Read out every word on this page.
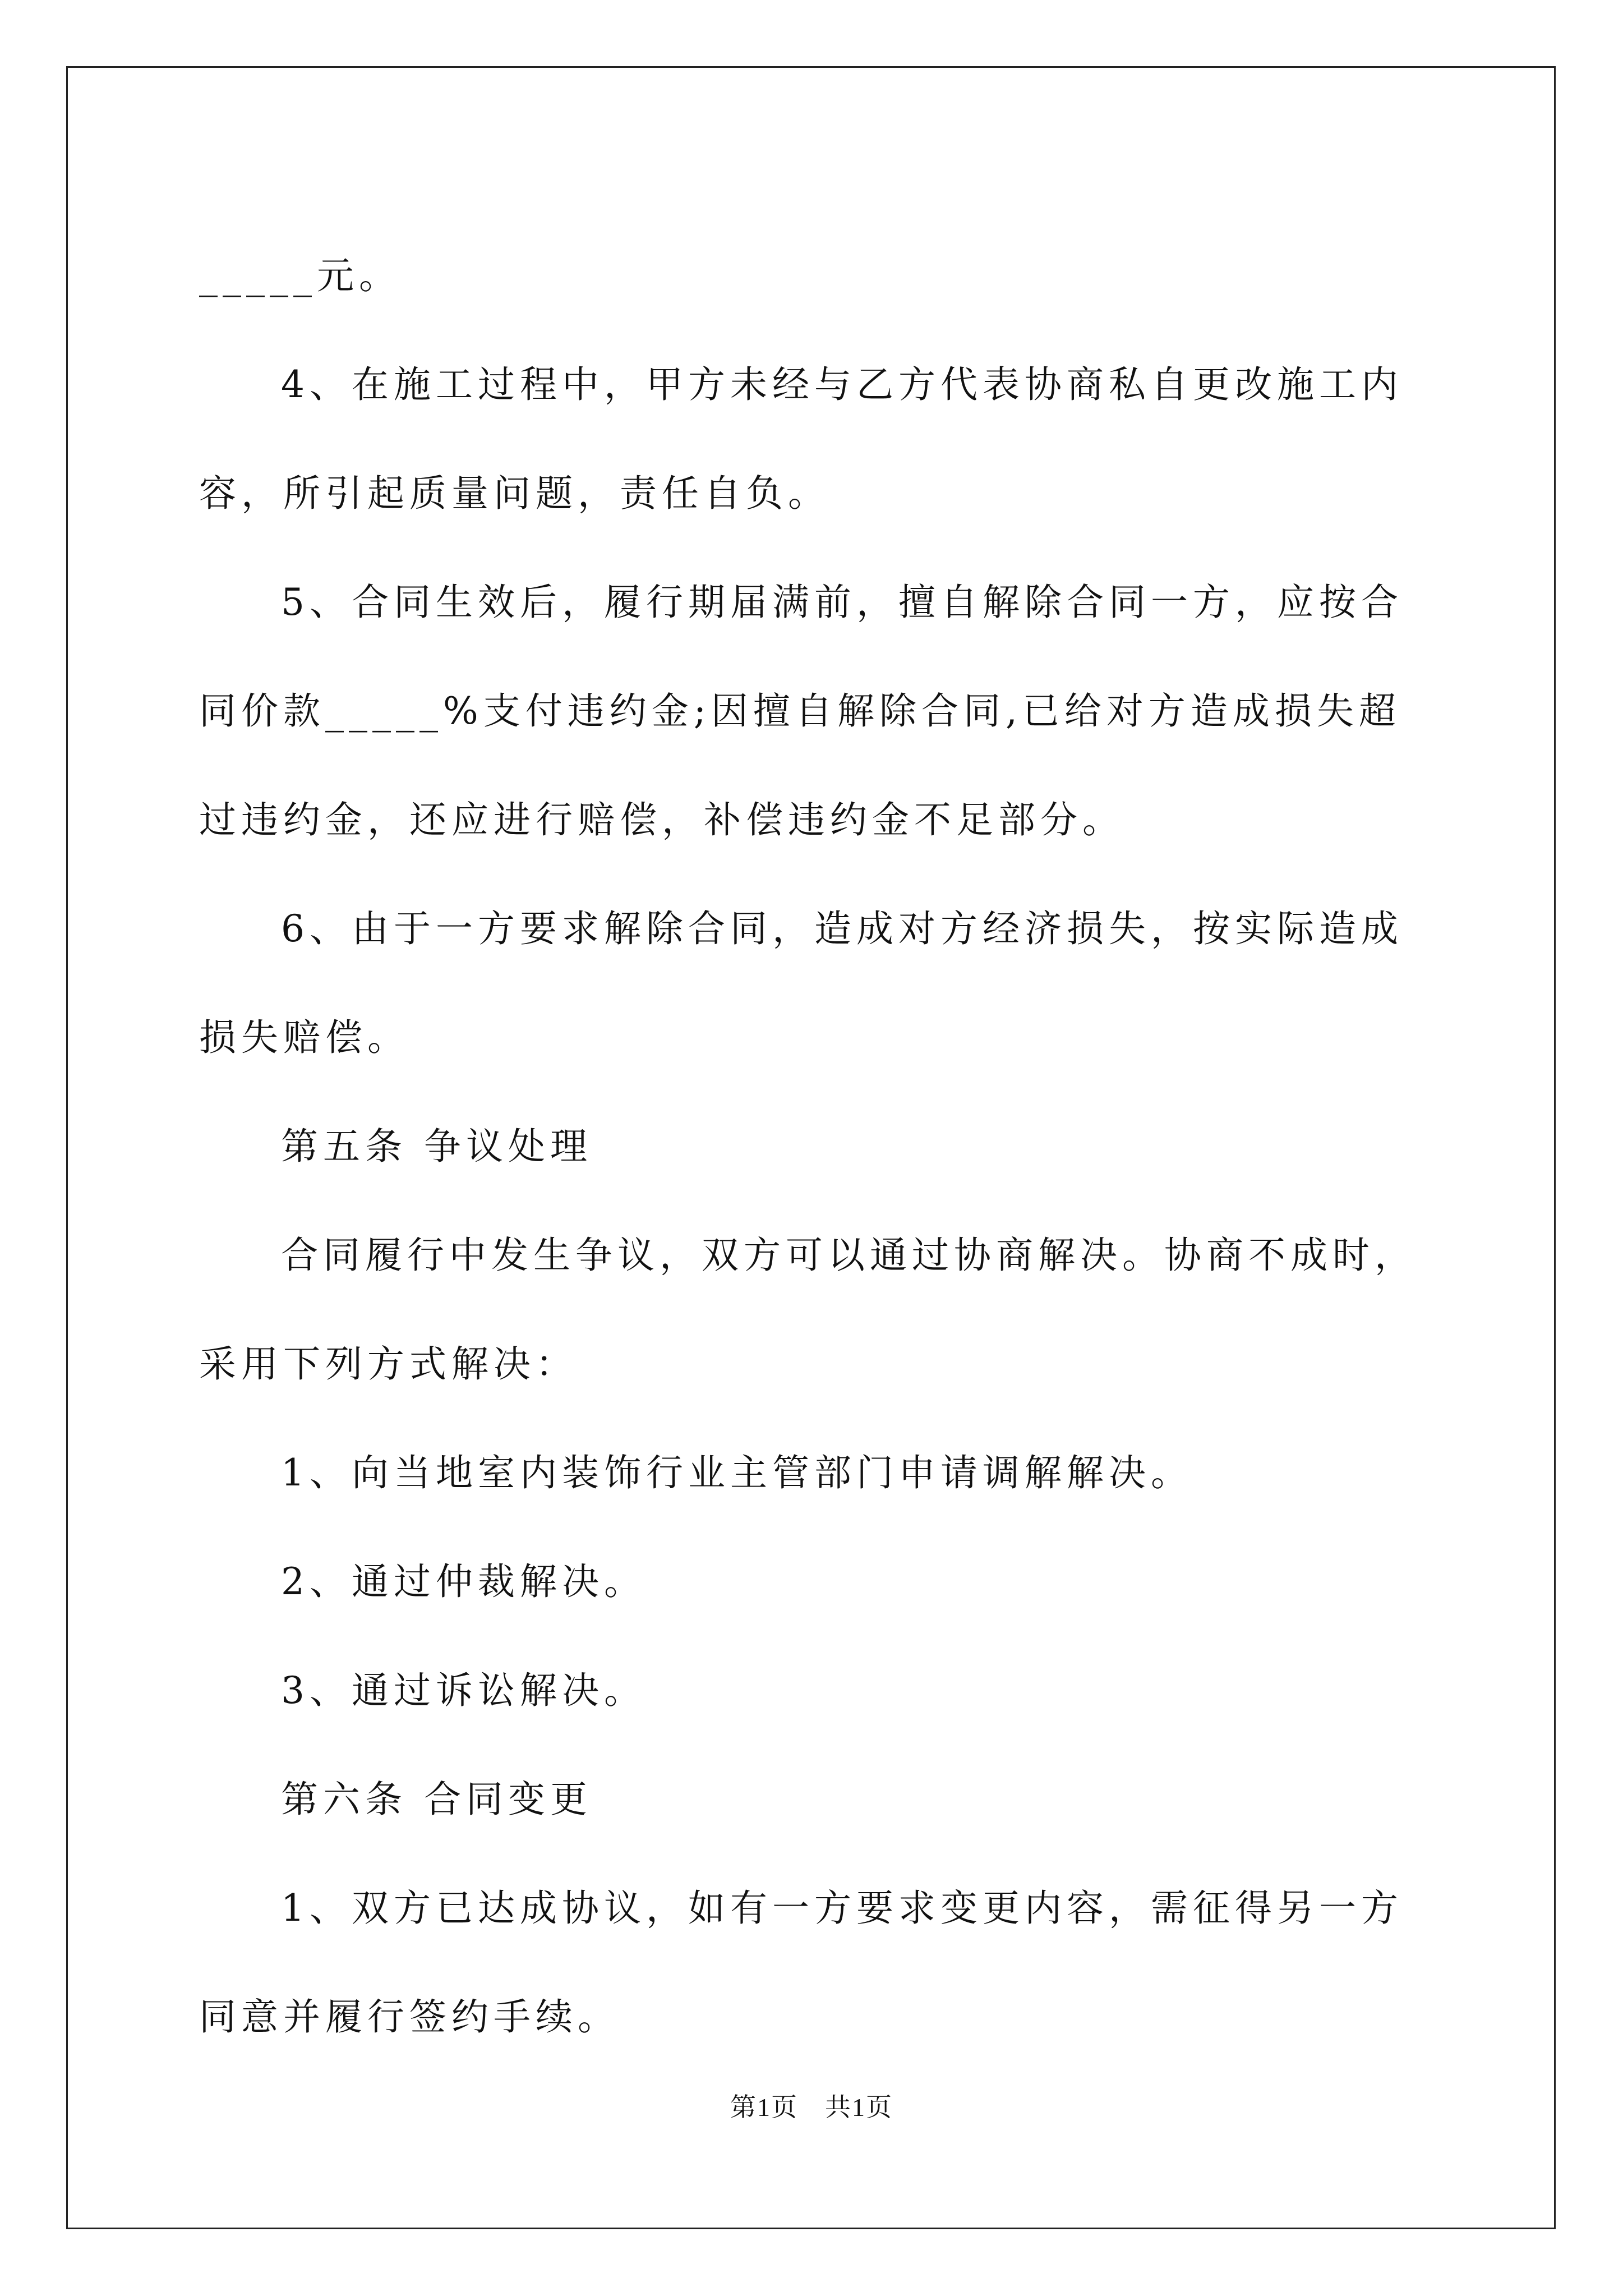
_____元。

4、在施工过程中，甲方未经与乙方代表协商私自更改施工内容，所引起质量问题，责任自负。

5、合同生效后，履行期届满前，擅自解除合同一方，应按合同价款_____%支付违约金;因擅自解除合同,已给对方造成损失超过违约金，还应进行赔偿，补偿违约金不足部分。

6、由于一方要求解除合同，造成对方经济损失，按实际造成损失赔偿。

第五条 争议处理

合同履行中发生争议，双方可以通过协商解决。协商不成时，采用下列方式解决：

1、向当地室内装饰行业主管部门申请调解解决。

2、通过仲裁解决。

3、通过诉讼解决。

第六条 合同变更

1、双方已达成协议，如有一方要求变更内容，需征得另一方同意并履行签约手续。

第1页　共1页
